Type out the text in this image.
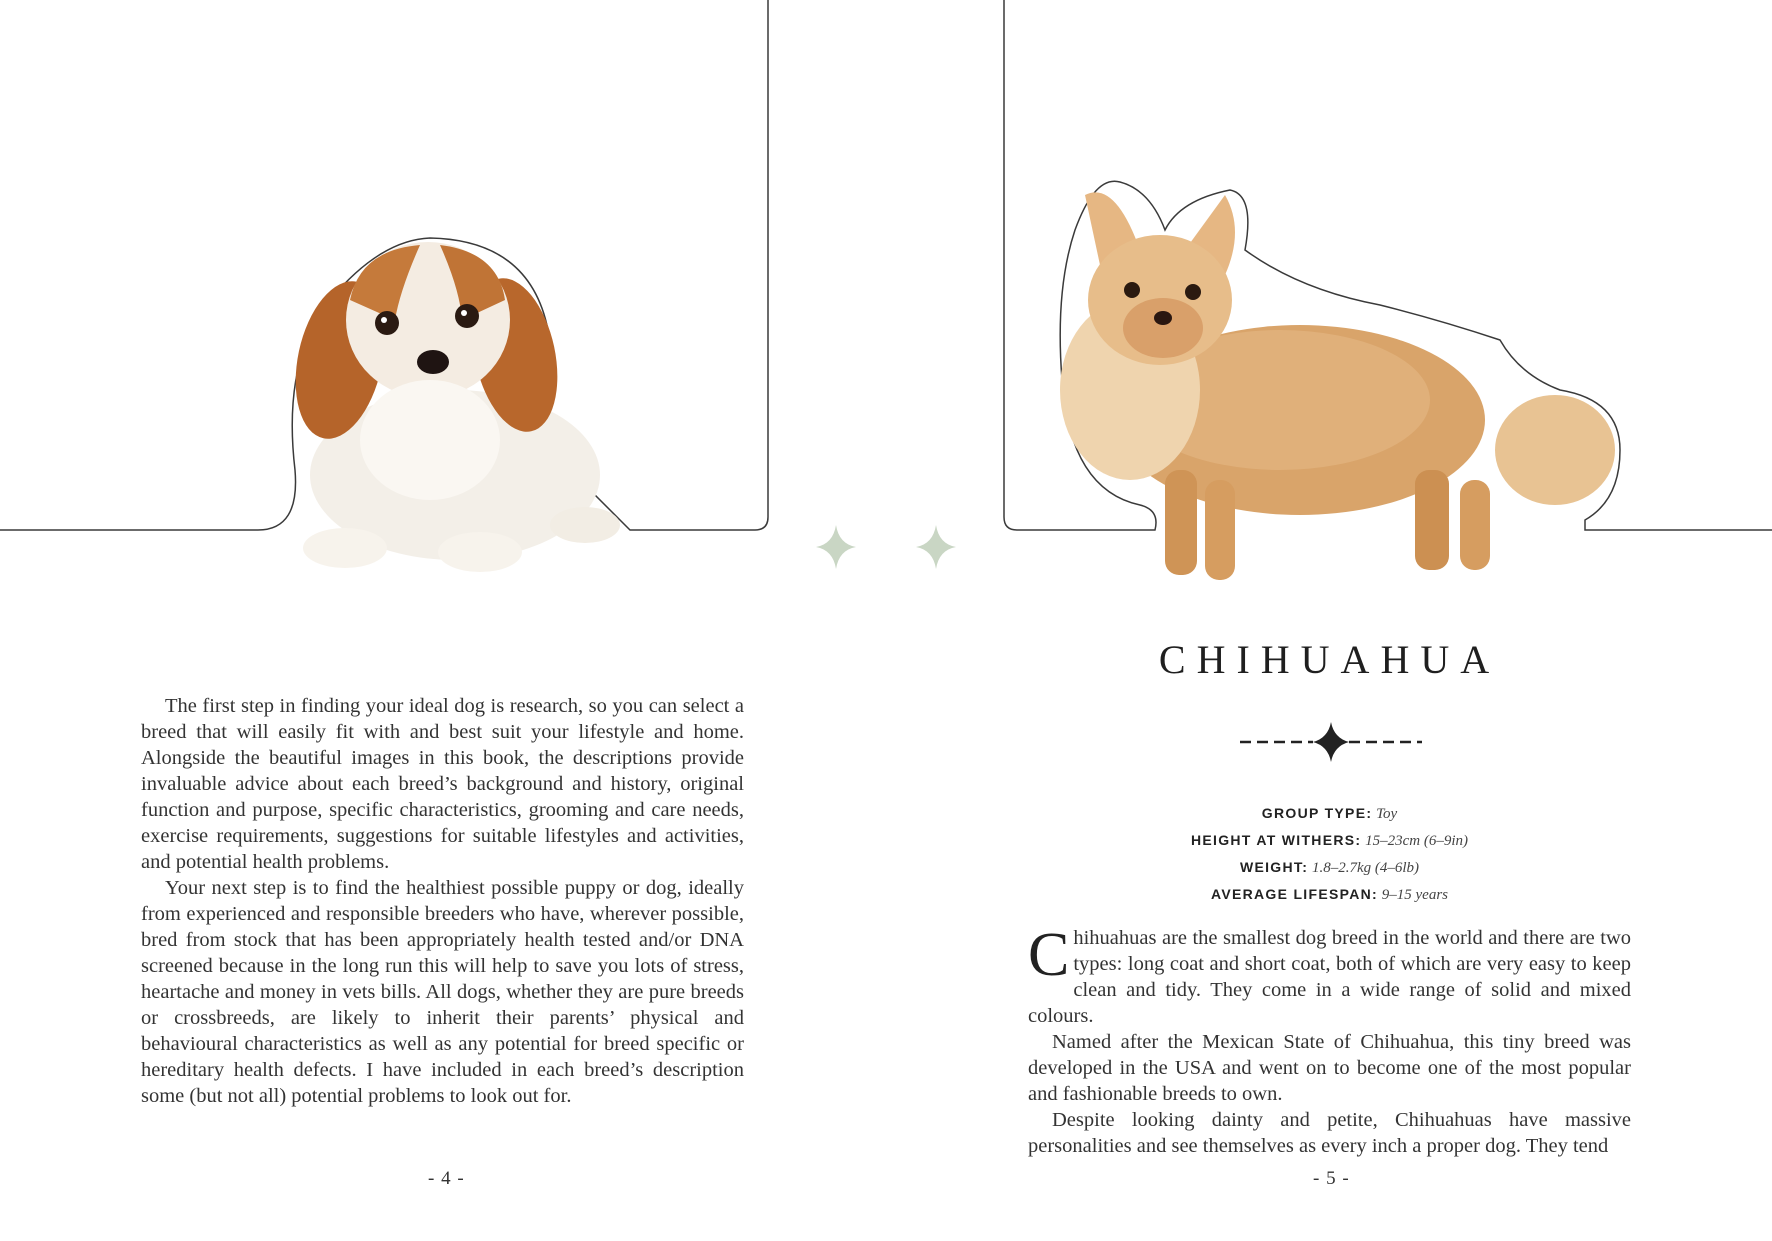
The first step in finding your ideal dog is research, so you can select a breed that will easily fit with and best suit your lifestyle and home. Alongside the beautiful images in this book, the descriptions provide invaluable advice about each breed’s background and history, original function and purpose, specific characteristics, grooming and care needs, exercise requirements, suggestions for suitable lifestyles and activities, and potential health problems.

Your next step is to find the healthiest possible puppy or dog, ideally from experienced and responsible breeders who have, wherever possible, bred from stock that has been appropriately health tested and/or DNA screened because in the long run this will help to save you lots of stress, heartache and money in vets bills. All dogs, whether they are pure breeds or crossbreeds, are likely to inherit their parents’ physical and behavioural characteristics as well as any potential for breed specific or hereditary health defects. I have included in each breed’s description some (but not all) potential problems to look out for.

- 4 -
CHIHUAHUA
GROUP TYPE: Toy
HEIGHT AT WITHERS: 15–23cm (6–9in)
WEIGHT: 1.8–2.7kg (4–6lb)
AVERAGE LIFESPAN: 9–15 years

Chihuahuas are the smallest dog breed in the world and there are two types: long coat and short coat, both of which are very easy to keep clean and tidy. They come in a wide range of solid and mixed colours.

Named after the Mexican State of Chihuahua, this tiny breed was developed in the USA and went on to become one of the most popular and fashionable breeds to own.

Despite looking dainty and petite, Chihuahuas have massive personalities and see themselves as every inch a proper dog. They tend

- 5 -
